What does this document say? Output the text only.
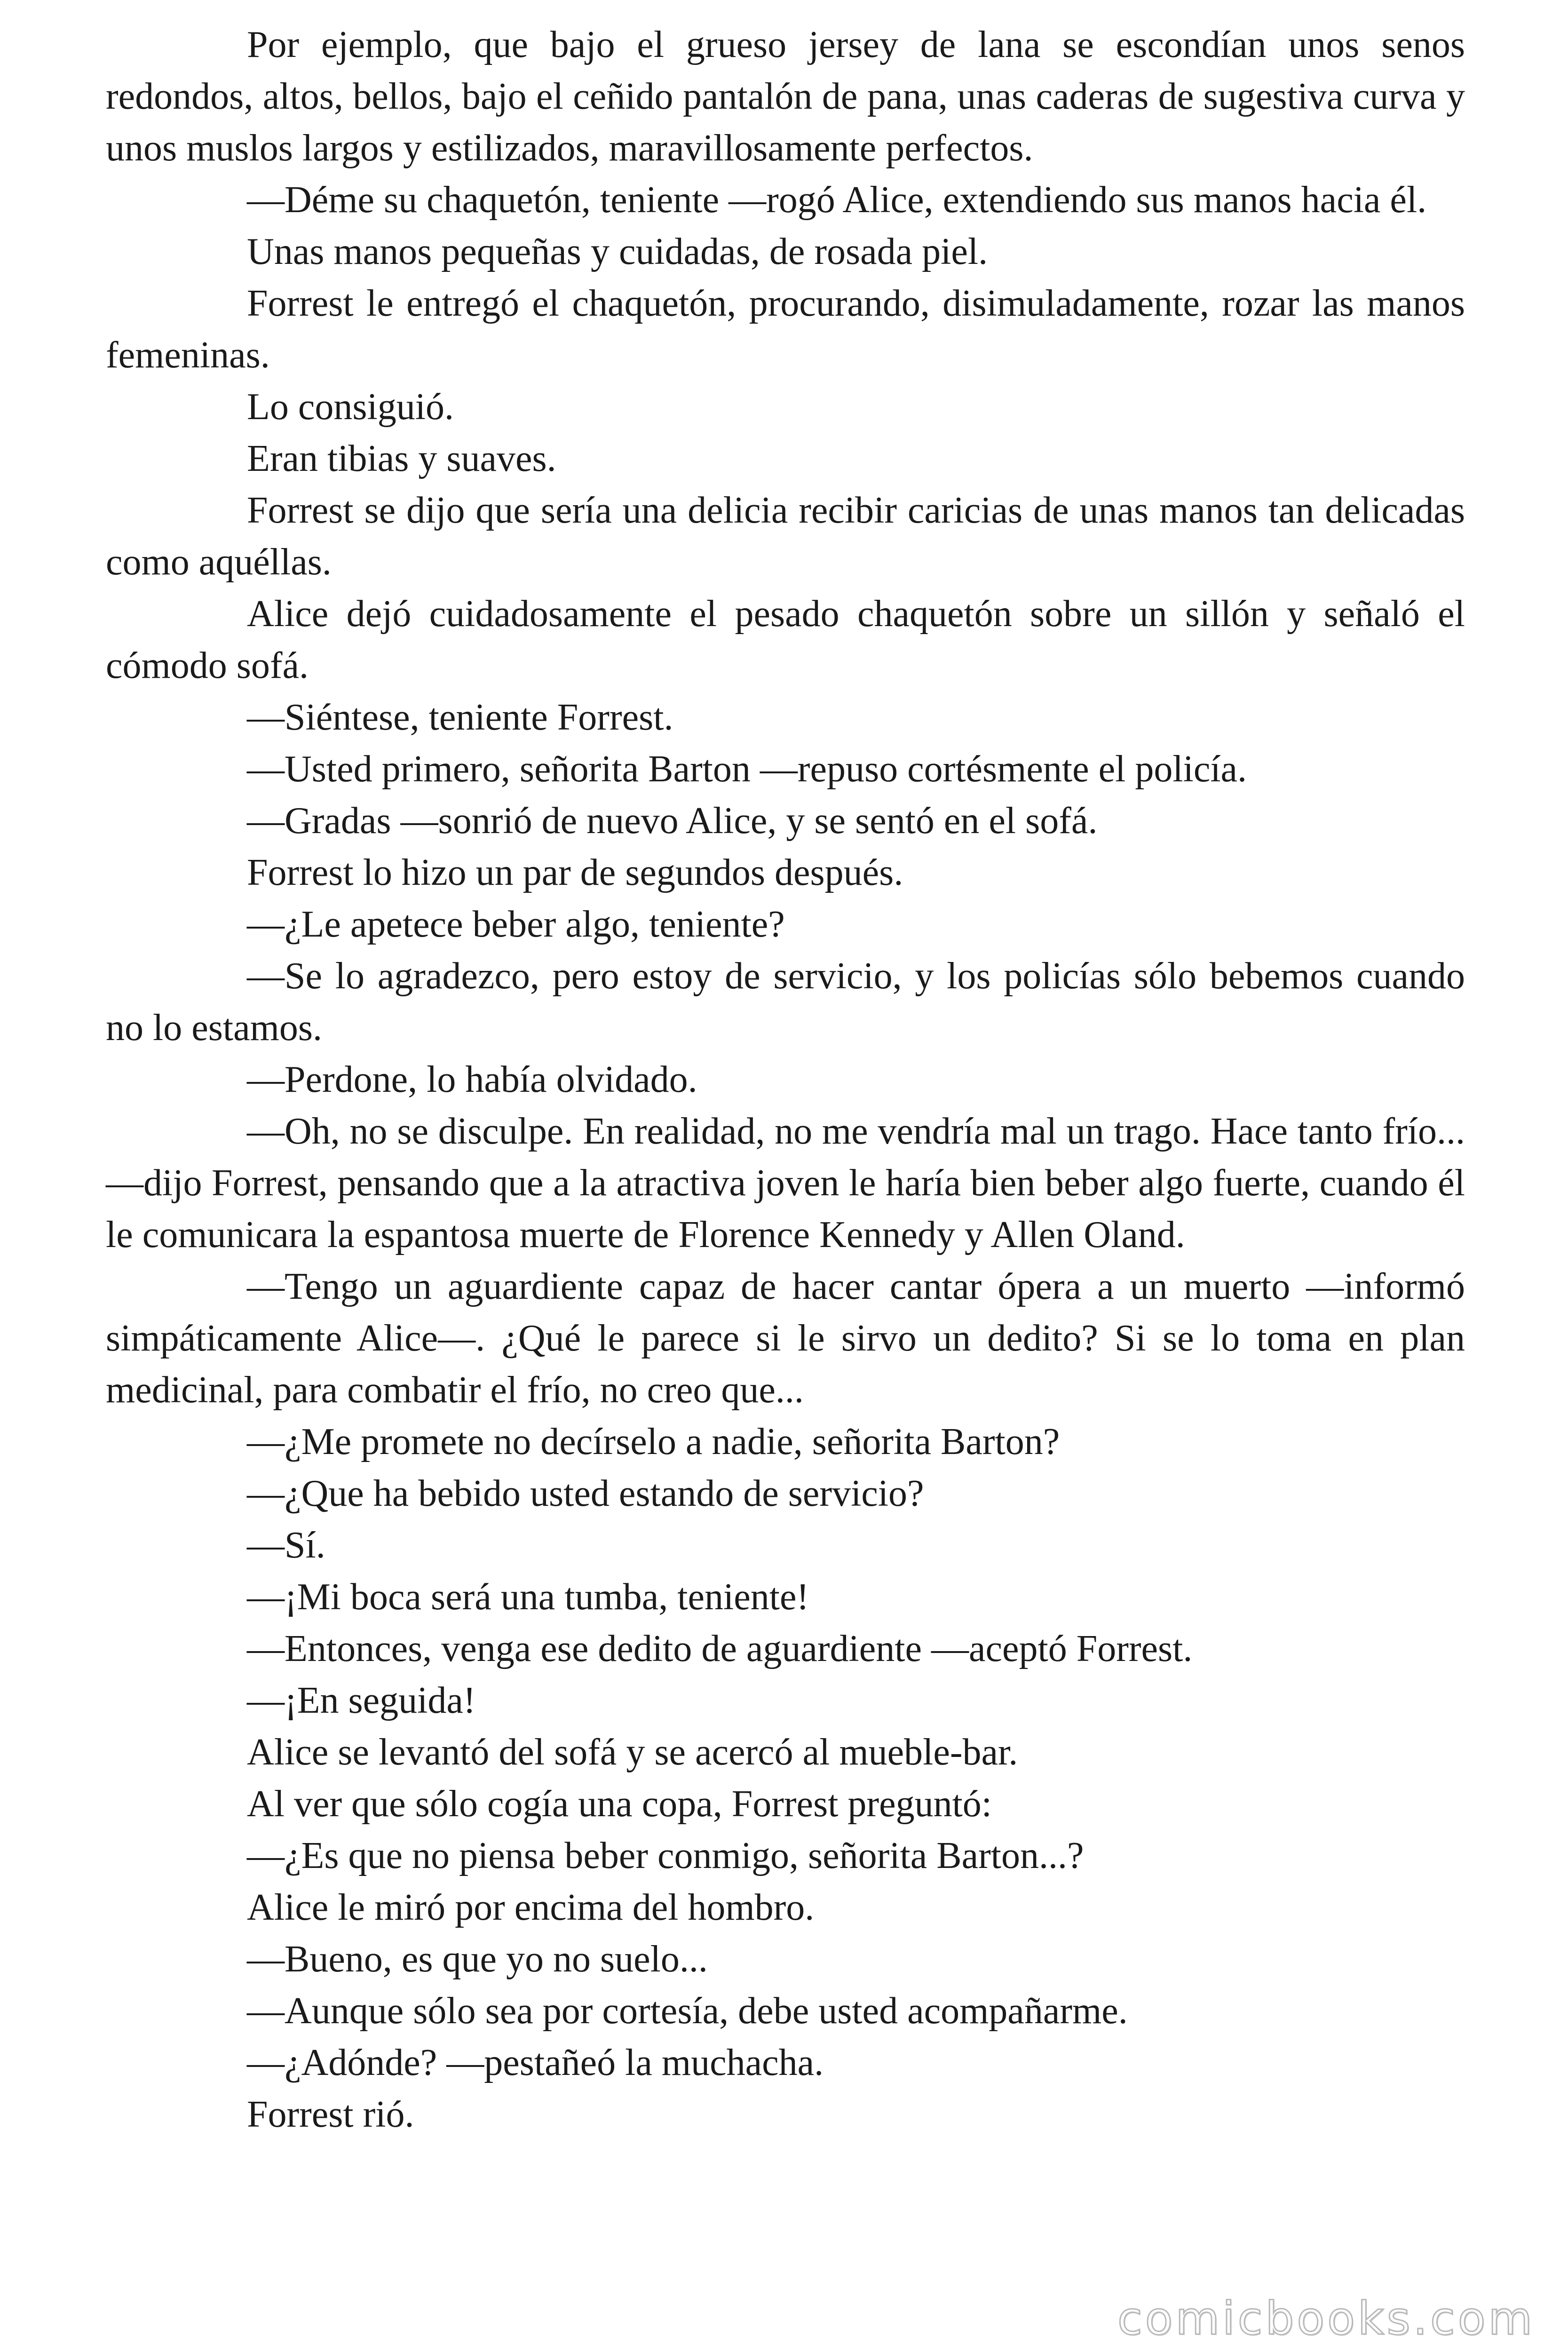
Por ejemplo, que bajo el grueso jersey de lana se escondían unos senos redondos, altos, bellos, bajo el ceñido pantalón de pana, unas caderas de sugestiva curva y unos muslos largos y estilizados, maravillosamente perfectos.

—Déme su chaquetón, teniente —rogó Alice, extendiendo sus manos hacia él.

Unas manos pequeñas y cuidadas, de rosada piel.

Forrest le entregó el chaquetón, procurando, disimuladamente, rozar las manos femeninas.

Lo consiguió.

Eran tibias y suaves.

Forrest se dijo que sería una delicia recibir caricias de unas manos tan delicadas como aquéllas.

Alice dejó cuidadosamente el pesado chaquetón sobre un sillón y señaló el cómodo sofá.

—Siéntese, teniente Forrest.

—Usted primero, señorita Barton —repuso cortésmente el policía.

—Gradas —sonrió de nuevo Alice, y se sentó en el sofá.

Forrest lo hizo un par de segundos después.

—¿Le apetece beber algo, teniente?

—Se lo agradezco, pero estoy de servicio, y los policías sólo bebemos cuando no lo estamos.

—Perdone, lo había olvidado.

—Oh, no se disculpe. En realidad, no me vendría mal un trago. Hace tanto frío... —dijo Forrest, pensando que a la atractiva joven le haría bien beber algo fuerte, cuando él le comunicara la espantosa muerte de Florence Kennedy y Allen Oland.

—Tengo un aguardiente capaz de hacer cantar ópera a un muerto —informó simpáticamente Alice—. ¿Qué le parece si le sirvo un dedito? Si se lo toma en plan medicinal, para combatir el frío, no creo que...

—¿Me promete no decírselo a nadie, señorita Barton?

—¿Que ha bebido usted estando de servicio?

—Sí.

—¡Mi boca será una tumba, teniente!

—Entonces, venga ese dedito de aguardiente —aceptó Forrest.

—¡En seguida!

Alice se levantó del sofá y se acercó al mueble-bar.

Al ver que sólo cogía una copa, Forrest preguntó:

—¿Es que no piensa beber conmigo, señorita Barton...?

Alice le miró por encima del hombro.

—Bueno, es que yo no suelo...

—Aunque sólo sea por cortesía, debe usted acompañarme.

—¿Adónde? —pestañeó la muchacha.

Forrest rió.

comicbooks.com
